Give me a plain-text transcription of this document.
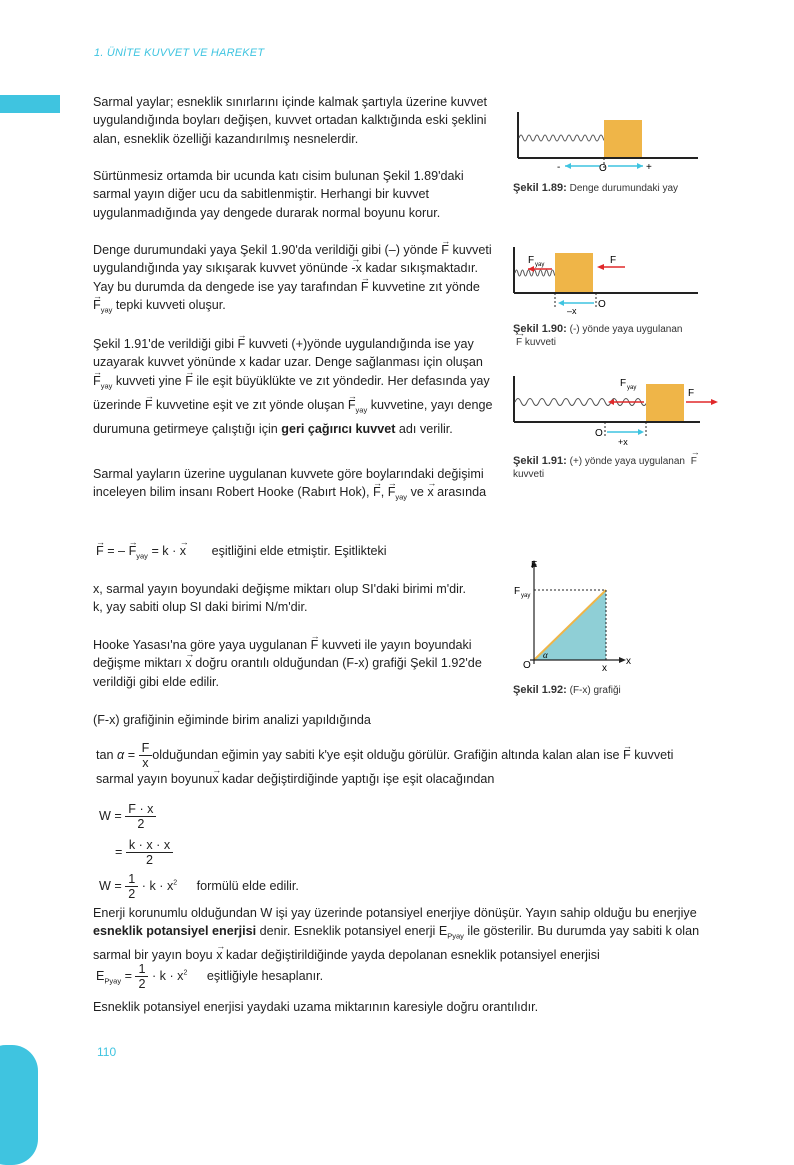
1. ÜNİTE KUVVET VE HAREKET
110
Sarmal yaylar; esneklik sınırlarını içinde kalmak şartıyla üzerine kuvvet uygulandığında boyları değişen, kuvvet ortadan kalktığında eski şeklini alan, esneklik özelliği kazandırılmış nesnelerdir.
Sürtünmesiz ortamda bir ucunda katı cisim bulunan Şekil 1.89'daki sarmal yayın diğer ucu da sabitlenmiştir. Herhangi bir kuvvet uygulanmadığında yay dengede durarak normal boyunu korur.
Denge durumundaki yaya Şekil 1.90'da verildiği gibi (–) yönde → F kuvveti uygulandığında yay sıkışarak kuvvet yönünde → -x kadar sıkışmaktadır. Yay bu durumda da dengede ise yay tarafından → F kuvvetine zıt yönde → $F_{yay}$ tepki kuvveti oluşur.
Şekil 1.91'de verildiği gibi → F kuvveti (+)yönde uygulandığında ise yay uzayarak kuvvet yönünde x kadar uzar. Denge sağlanması için oluşan → $F_{yay}$ kuvveti yine → F ile eşit büyüklükte ve zıt yöndedir. Her defasında yay üzerinde → F kuvvetine eşit ve zıt yönde oluşan → $F_{yay}$ kuvvetine, yayı denge durumuna getirmeye çalıştığı için geri çağırıcı kuvvet adı verilir.
Sarmal yayların üzerine uygulanan kuvvete göre boylarındaki değişimi inceleyen bilim insanı Robert Hooke (Rabırt Hok), → F, → $F_{yay}$ ve → x arasında
→ F = – → $F_{yay} = k$ · → x eşitliğini elde etmiştir. Eşitlikteki
x, sarmal yayın boyundaki değişme miktarı olup SI'daki birimi m'dir.
k, yay sabiti olup SI daki birimi N/m'dir.
Hooke Yasası'na göre yaya uygulanan → F kuvveti ile yayın boyundaki değişme miktarı → x doğru orantılı olduğundan (F-x) grafiği Şekil 1.92'de verildiği gibi elde edilir.
(F-x) grafiğinin eğiminde birim analizi yapıldığında
$\tan \alpha = \frac{F}{x}$ olduğundan eğimin yay sabiti k'ye eşit olduğu görülür. Grafiğin altında kalan alan ise → F kuvveti
sarmal yayın boyunu→ x kadar değiştirdiğinde yaptığı işe eşit olacağından
$W = \frac{F \cdot x}{2}$
= $\frac{k \cdot x \cdot x}{2}$
$W = \frac{1}{2} \cdot k \cdot x^2$ formülü elde edilir.
Enerji korunumlu olduğundan W işi yay üzerinde potansiyel enerjiye dönüşür. Yayın sahip olduğu bu enerjiye esneklik potansiyel enerjisi denir. Esneklik potansiyel enerji $E_{Pyay}$ ile gösterilir. Bu durumda yay sabiti k olan sarmal bir yayın boyu → x kadar değiştirildiğinde yayda depolanan esneklik potansiyel enerjisi
$E_{Pyay} = \frac{1}{2} \cdot k \cdot x^2$ eşitliğiyle hesaplanır.
Esneklik potansiyel enerjisi yaydaki uzama miktarının karesiyle doğru orantılıdır.
-	O	+
Şekil 1.89: Denge durumundaki yay
F yay	F
O
–x
Şekil 1.90: (-) yönde yaya uygulanan
→ F kuvveti
F yay	F
O
+x
Şekil 1.91: (+) yönde yaya uygulanan → F
kuvveti
F
x
F yay
O	x
α
Şekil 1.92: (F-x) grafiği
